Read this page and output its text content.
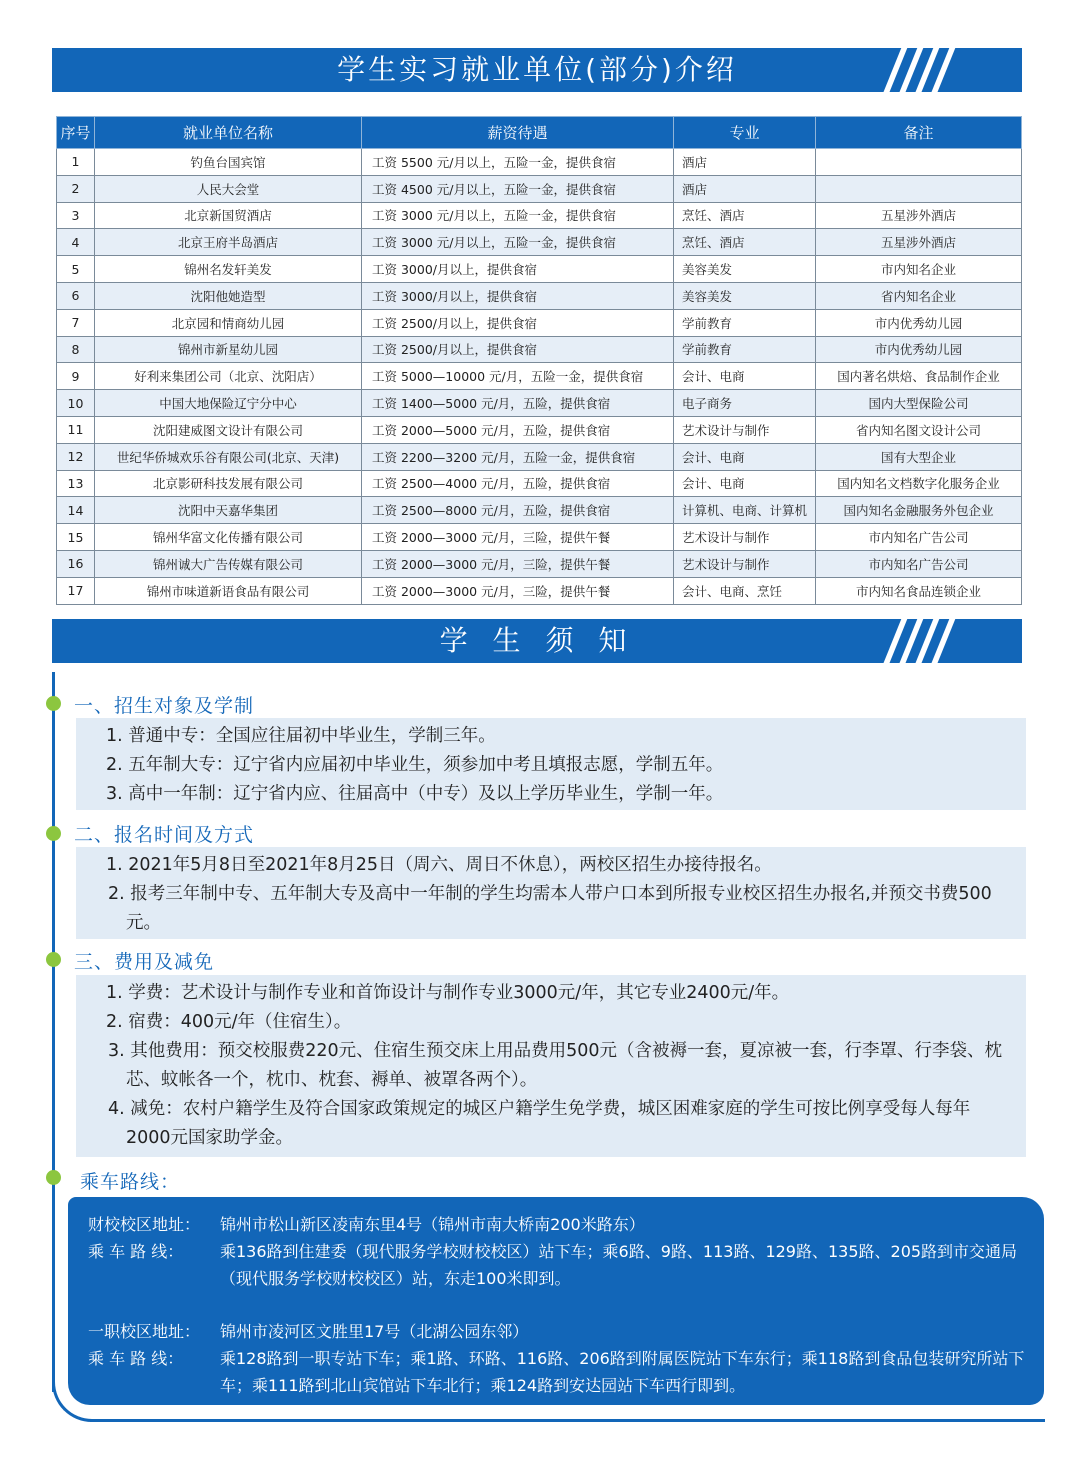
学生实习就业单位(部分)介绍
序号	就业单位名称	薪资待遇	专业	备注
1	钓鱼台国宾馆	工资 5500 元/月以上，五险一金，提供食宿	酒店	
2	人民大会堂	工资 4500 元/月以上，五险一金，提供食宿	酒店	
3	北京新国贸酒店	工资 3000 元/月以上，五险一金，提供食宿	烹饪、酒店	五星涉外酒店
4	北京王府半岛酒店	工资 3000 元/月以上，五险一金，提供食宿	烹饪、酒店	五星涉外酒店
5	锦州名发轩美发	工资 3000/月以上，提供食宿	美容美发	市内知名企业
6	沈阳他她造型	工资 3000/月以上，提供食宿	美容美发	省内知名企业
7	北京园和情商幼儿园	工资 2500/月以上，提供食宿	学前教育	市内优秀幼儿园
8	锦州市新星幼儿园	工资 2500/月以上，提供食宿	学前教育	市内优秀幼儿园
9	好利来集团公司（北京、沈阳店）	工资 5000—10000 元/月，五险一金，提供食宿	会计、电商	国内著名烘焙、食品制作企业
10	中国大地保险辽宁分中心	工资 1400—5000 元/月，五险，提供食宿	电子商务	国内大型保险公司
11	沈阳建威图文设计有限公司	工资 2000—5000 元/月，五险，提供食宿	艺术设计与制作	省内知名图文设计公司
12	世纪华侨城欢乐谷有限公司(北京、天津)	工资 2200—3200 元/月，五险一金，提供食宿	会计、电商	国有大型企业
13	北京影研科技发展有限公司	工资 2500—4000 元/月，五险，提供食宿	会计、电商	国内知名文档数字化服务企业
14	沈阳中天嘉华集团	工资 2500—8000 元/月，五险，提供食宿	计算机、电商、计算机	国内知名金融服务外包企业
15	锦州华富文化传播有限公司	工资 2000—3000 元/月，三险，提供午餐	艺术设计与制作	市内知名广告公司
16	锦州诚大广告传媒有限公司	工资 2000—3000 元/月，三险，提供午餐	艺术设计与制作	市内知名广告公司
17	锦州市味道新语食品有限公司	工资 2000—3000 元/月，三险，提供午餐	会计、电商、烹饪	市内知名食品连锁企业
学 生 须 知
一、招生对象及学制
1. 普通中专：全国应往届初中毕业生，学制三年。
2. 五年制大专：辽宁省内应届初中毕业生，须参加中考且填报志愿，学制五年。
3. 高中一年制：辽宁省内应、往届高中（中专）及以上学历毕业生，学制一年。
二、报名时间及方式
1. 2021年5月8日至2021年8月25日（周六、周日不休息），两校区招生办接待报名。
2. 报考三年制中专、五年制大专及高中一年制的学生均需本人带户口本到所报专业校区招生办报名,并预交书费500元。
三、费用及减免
1. 学费：艺术设计与制作专业和首饰设计与制作专业3000元/年，其它专业2400元/年。
2. 宿费：400元/年（住宿生）。
3. 其他费用：预交校服费220元、住宿生预交床上用品费用500元（含被褥一套，夏凉被一套，行李罩、行李袋、枕芯、蚊帐各一个，枕巾、枕套、褥单、被罩各两个）。
4. 减免：农村户籍学生及符合国家政策规定的城区户籍学生免学费，城区困难家庭的学生可按比例享受每人每年2000元国家助学金。
乘车路线：
财校校区地址：	锦州市松山新区凌南东里4号（锦州市南大桥南200米路东）
乘 车 路 线：	乘136路到住建委（现代服务学校财校校区）站下车；乘6路、9路、113路、129路、135路、205路到市交通局（现代服务学校财校校区）站，东走100米即到。
一职校区地址：	锦州市凌河区文胜里17号（北湖公园东邻）
乘 车 路 线：	乘128路到一职专站下车；乘1路、环路、116路、206路到附属医院站下车东行；乘118路到食品包装研究所站下车；乘111路到北山宾馆站下车北行；乘124路到安达园站下车西行即到。
